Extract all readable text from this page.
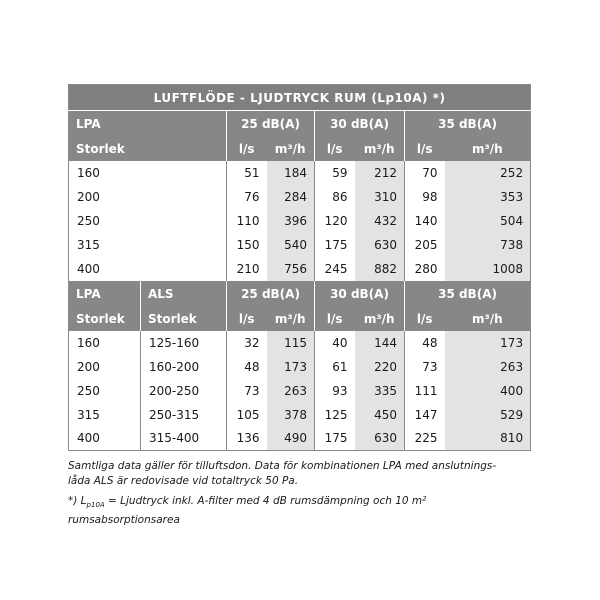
LUFTFLÖDE - LJUDTRYCK RUM (Lp10A) *)							
LPA		25 dB(A)		30 dB(A)		35 dB(A)	
Storlek		l/s	m³/h	l/s	m³/h	l/s	m³/h
160		51	184	59	212	70	252
200		76	284	86	310	98	353
250		110	396	120	432	140	504
315		150	540	175	630	205	738
400		210	756	245	882	280	1008
LPA	ALS	25 dB(A)		30 dB(A)		35 dB(A)	
Storlek	Storlek	l/s	m³/h	l/s	m³/h	l/s	m³/h
160	125-160	32	115	40	144	48	173
200	160-200	48	173	61	220	73	263
250	200-250	73	263	93	335	111	400
315	250-315	105	378	125	450	147	529
400	315-400	136	490	175	630	225	810

Samtliga data gäller för tilluftsdon. Data för kombinationen LPA med anslutnings-

låda ALS är redovisade vid totaltryck 50 Pa.

*) $L_{p10A}$ = Ljudtryck inkl. A-filter med 4 dB rumsdämpning och 10 m² rumsabsorptionsarea
